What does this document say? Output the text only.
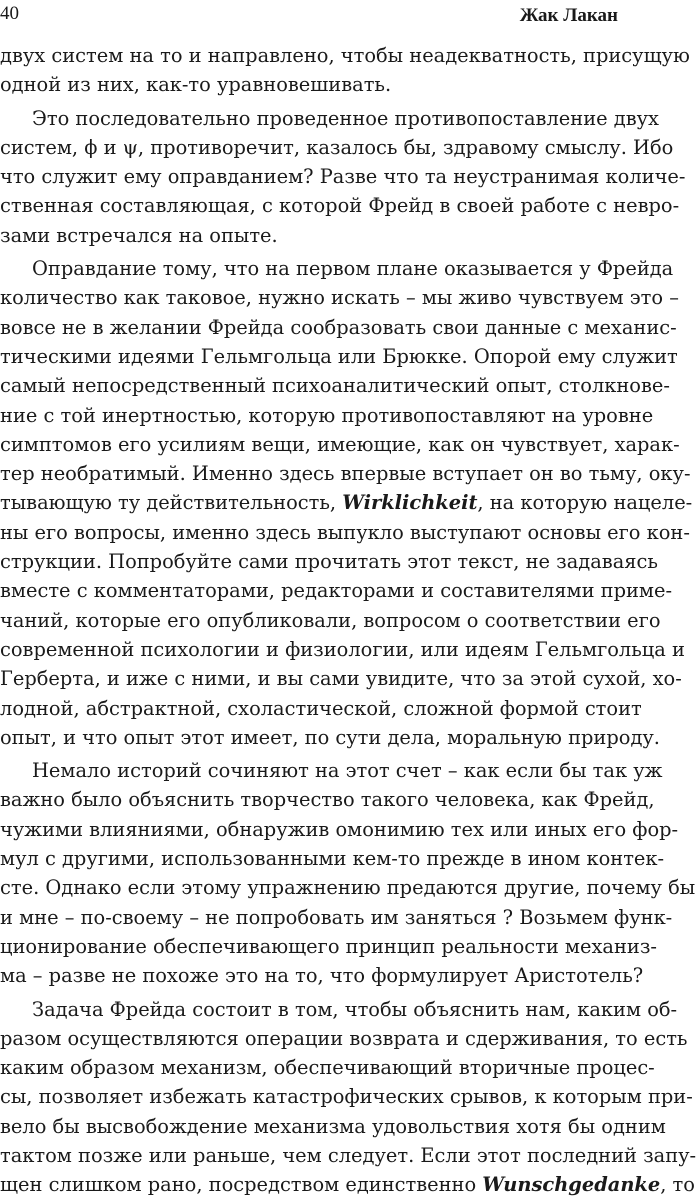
40	Жак Лакан
двух систем на то и направлено, чтобы неадекватность, присущую
одной из них, как-то уравновешивать.
Это последовательно проведенное противопоставление двух
систем, ϕ и ψ, противоречит, казалось бы, здравому смыслу. Ибо
что служит ему оправданием? Разве что та неустранимая количе-
ственная составляющая, с которой Фрейд в своей работе с невро-
зами встречался на опыте.
Оправдание тому, что на первом плане оказывается у Фрейда
количество как таковое, нужно искать – мы живо чувствуем это –
вовсе не в желании Фрейда сообразовать свои данные с механис-
тическими идеями Гельмгольца или Брюкке. Опорой ему служит
самый непосредственный психоаналитический опыт, столкнове-
ние с той инертностью, которую противопоставляют на уровне
симптомов его усилиям вещи, имеющие, как он чувствует, харак-
тер необратимый. Именно здесь впервые вступает он во тьму, оку-
тывающую ту действительность, Wirklichkeit, на которую нацеле-
ны его вопросы, именно здесь выпукло выступают основы его кон-
струкции. Попробуйте сами прочитать этот текст, не задаваясь
вместе с комментаторами, редакторами и составителями приме-
чаний, которые его опубликовали, вопросом о соответствии его
современной психологии и физиологии, или идеям Гельмгольца и
Герберта, и иже с ними, и вы сами увидите, что за этой сухой, хо-
лодной, абстрактной, схоластической, сложной формой стоит
опыт, и что опыт этот имеет, по сути дела, моральную природу.
Немало историй сочиняют на этот счет – как если бы так уж
важно было объяснить творчество такого человека, как Фрейд,
чужими влияниями, обнаружив омонимию тех или иных его фор-
мул с другими, использованными кем-то прежде в ином контек-
сте. Однако если этому упражнению предаются другие, почему бы
и мне – по-своему – не попробовать им заняться ? Возьмем функ-
ционирование обеспечивающего принцип реальности механиз-
ма – разве не похоже это на то, что формулирует Аристотель?
Задача Фрейда состоит в том, чтобы объяснить нам, каким об-
разом осуществляются операции возврата и сдерживания, то есть
каким образом механизм, обеспечивающий вторичные процес-
сы, позволяет избежать катастрофических срывов, к которым при-
вело бы высвобождение механизма удовольствия хотя бы одним
тактом позже или раньше, чем следует. Если этот последний запу-
щен слишком рано, посредством единственно Wunschgedanke, то
